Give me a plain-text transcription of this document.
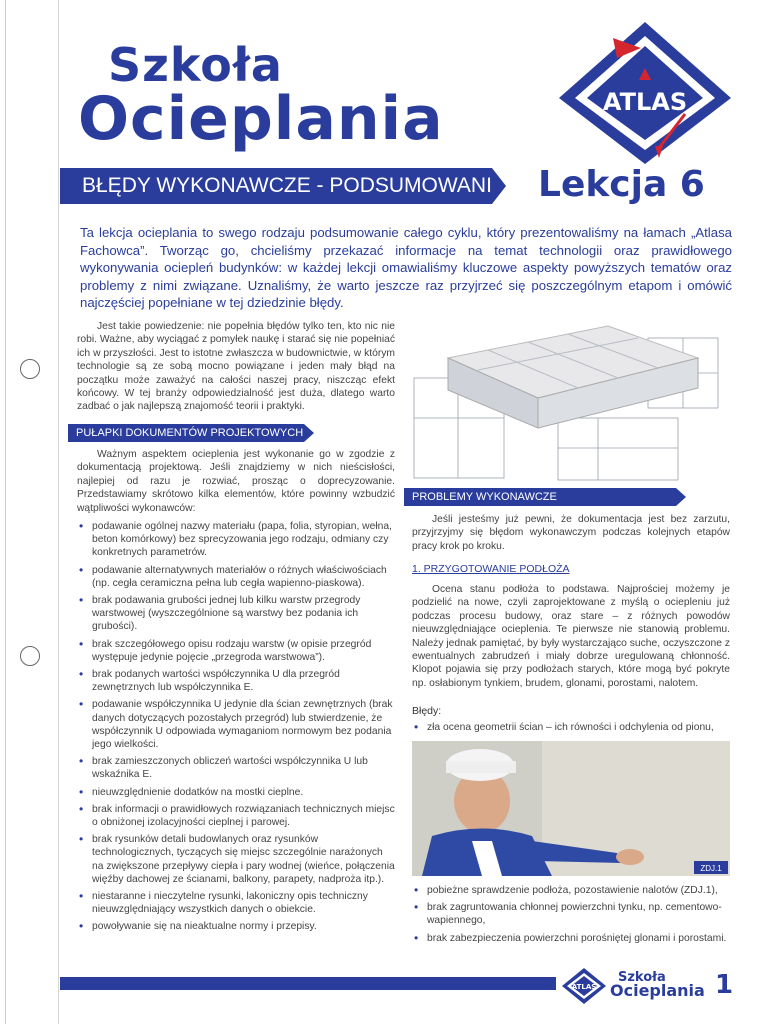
Szkoła
Ocieplania	ATLAS
BŁĘDY WYKONAWCZE - PODSUMOWANIE Lekcja 6
Ta lekcja ocieplania to swego rodzaju podsumowanie całego cyklu, który prezentowaliśmy na łamach „Atlasa Fachowca”. Tworząc go, chcieliśmy przekazać informacje na temat technologii oraz prawidłowego wykonywania ociepleń budynków: w każdej lekcji omawialiśmy kluczowe aspekty powyższych tematów oraz problemy z nimi związane. Uznaliśmy, że warto jeszcze raz przyjrzeć się poszczególnym etapom i omówić najczęściej popełniane w tej dziedzinie błędy.

Jest takie powiedzenie: nie popełnia błędów tylko ten, kto nic nie robi. Ważne, aby wyciągać z pomyłek naukę i starać się nie popełniać ich w przyszłości. Jest to istotne zwłaszcza w budownictwie, w którym technologie są ze sobą mocno powiązane i jeden mały błąd na początku może zaważyć na całości naszej pracy, niszcząc efekt końcowy. W tej branży odpowiedzialność jest duża, dlatego warto zadbać o jak najlepszą znajomość teorii i praktyki.

PUŁAPKI DOKUMENTÓW PROJEKTOWYCH

Ważnym aspektem ocieplenia jest wykonanie go w zgodzie z dokumentacją projektową. Jeśli znajdziemy w nich nieścisłości, najlepiej od razu je rozwiać, prosząc o doprecyzowanie. Przedstawiamy skrótowo kilka elementów, które powinny wzbudzić wątpliwości wykonawców:

• podawanie ogólnej nazwy materiału (papa, folia, styropian, wełna, beton komórkowy) bez sprecyzowania jego rodzaju, odmiany czy konkretnych parametrów.
• podawanie alternatywnych materiałów o różnych właściwościach (np. cegła ceramiczna pełna lub cegła wapienno-piaskowa).
• brak podawania grubości jednej lub kilku warstw przegrody warstwowej (wyszczególnione są warstwy bez podania ich grubości).
• brak szczegółowego opisu rodzaju warstw (w opisie przegród występuje jedynie pojęcie „przegroda warstwowa”).
• brak podanych wartości współczynnika U dla przegród zewnętrznych lub współczynnika E.
• podawanie współczynnika U jedynie dla ścian zewnętrznych (brak danych dotyczących pozostałych przegród) lub stwierdzenie, że współczynnik U odpowiada wymaganiom normowym bez podania jego wielkości.
• brak zamieszczonych obliczeń wartości współczynnika U lub wskaźnika E.
• nieuwzględnienie dodatków na mostki cieplne.
• brak informacji o prawidłowych rozwiązaniach technicznych miejsc o obniżonej izolacyjności cieplnej i parowej.
• brak rysunków detali budowlanych oraz rysunków technologicznych, tyczących się miejsc szczególnie narażonych na zwiększone przepływy ciepła i pary wodnej (wieńce, połączenia więźby dachowej ze ścianami, balkony, parapety, nadproża itp.).
• niestaranne i nieczytelne rysunki, lakoniczny opis techniczny nieuwzględniający wszystkich danych o obiekcie.
• powoływanie się na nieaktualne normy i przepisy.
PROBLEMY WYKONAWCZE

Jeśli jesteśmy już pewni, że dokumentacja jest bez zarzutu, przyjrzyjmy się błędom wykonawczym podczas kolejnych etapów pracy krok po kroku.

1. PRZYGOTOWANIE PODŁOŻA

Ocena stanu podłoża to podstawa. Najprościej możemy je podzielić na nowe, czyli zaprojektowane z myślą o ociepleniu już podczas procesu budowy, oraz stare – z różnych powodów nieuwzględniające ocieplenia. Te pierwsze nie stanowią problemu. Należy jednak pamiętać, by były wystarczająco suche, oczyszczone z ewentualnych zabrudzeń i miały dobrze uregulowaną chłonność. Klopot pojawia się przy podłożach starych, które mogą być pokryte np. osłabionym tynkiem, brudem, glonami, porostami, nalotem.

Błędy:
• zła ocena geometrii ścian – ich równości i odchylenia od pionu,
ZDJ.1
• pobieżne sprawdzenie podłoża, pozostawienie nalotów (ZDJ.1),
• brak zagruntowania chłonnej powierzchni tynku, np. cementowo-wapiennego,
• brak zabezpieczenia powierzchni porośniętej glonami i porostami.
ATLAS
Szkoła
Ocieplania 1
